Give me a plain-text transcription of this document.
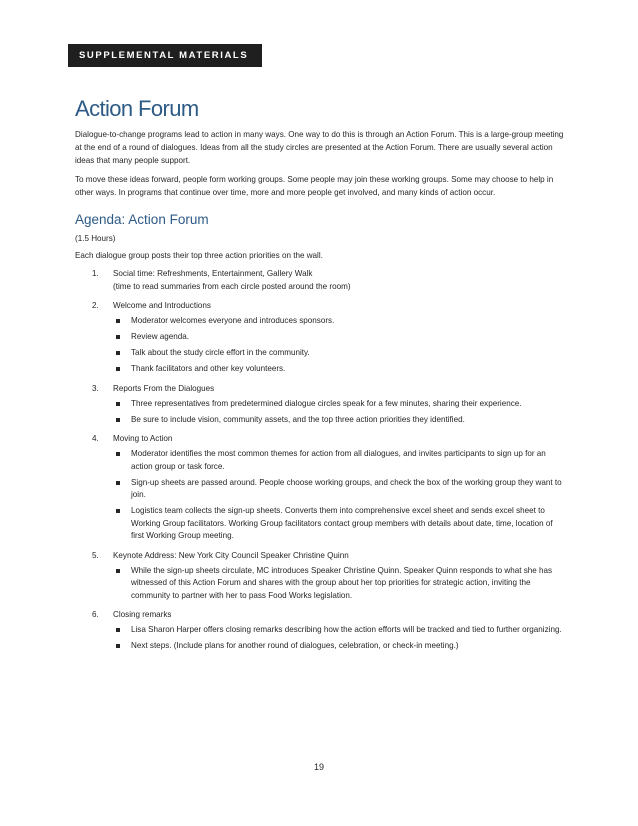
SUPPLEMENTAL MATERIALS
Action Forum

Dialogue-to-change programs lead to action in many ways. One way to do this is through an Action Forum. This is a large-group meeting at the end of a round of dialogues. Ideas from all the study circles are presented at the Action Forum. There are usually several action ideas that many people support.

To move these ideas forward, people form working groups. Some people may join these working groups. Some may choose to help in other ways. In programs that continue over time, more and more people get involved, and many kinds of action occur.

Agenda: Action Forum

(1.5 Hours)

Each dialogue group posts their top three action priorities on the wall.

1. Social time: Refreshments, Entertainment, Gallery Walk
(time to read summaries from each circle posted around the room)
2. Welcome and Introductions
Moderator welcomes everyone and introduces sponsors.
Review agenda.
Talk about the study circle effort in the community.
Thank facilitators and other key volunteers.
3. Reports From the Dialogues
Three representatives from predetermined dialogue circles speak for a few minutes, sharing their experience.
Be sure to include vision, community assets, and the top three action priorities they identified.
4. Moving to Action
Moderator identifies the most common themes for action from all dialogues, and invites participants to sign up for an action group or task force.
Sign-up sheets are passed around. People choose working groups, and check the box of the working group they want to join.
Logistics team collects the sign-up sheets. Converts them into comprehensive excel sheet and sends excel sheet to Working Group facilitators. Working Group facilitators contact group members with details about date, time, location of first Working Group meeting.
5. Keynote Address: New York City Council Speaker Christine Quinn
While the sign-up sheets circulate, MC introduces Speaker Christine Quinn. Speaker Quinn responds to what she has witnessed of this Action Forum and shares with the group about her top priorities for strategic action, inviting the community to partner with her to pass Food Works legislation.
6. Closing remarks
Lisa Sharon Harper offers closing remarks describing how the action efforts will be tracked and tied to further organizing.
Next steps. (Include plans for another round of dialogues, celebration, or check-in meeting.)
19
